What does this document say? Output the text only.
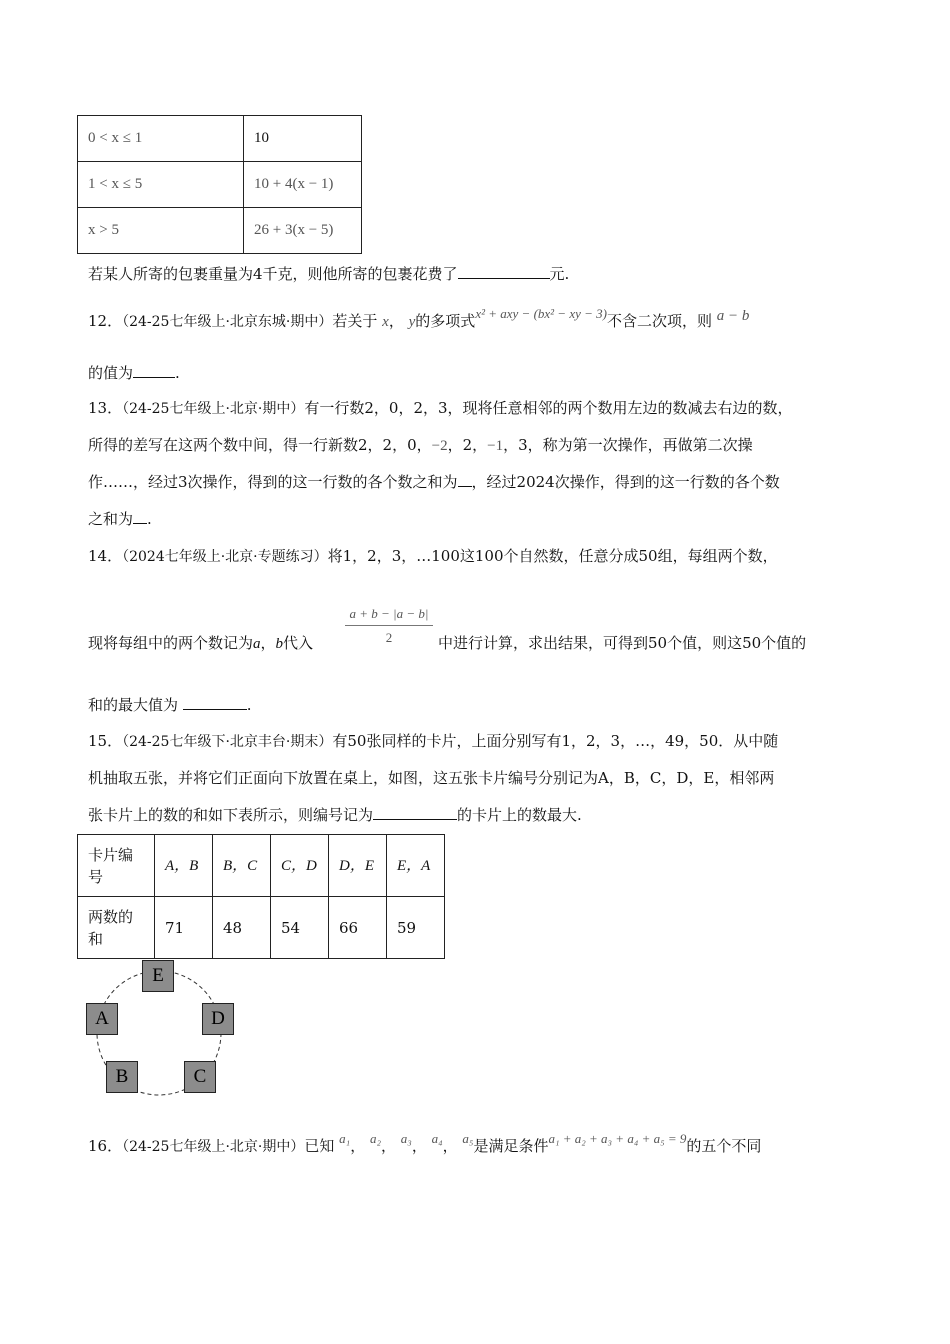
0 < x ≤ 1	10
1 < x ≤ 5	10 + 4(x − 1)
x > 5	26 + 3(x − 5)
若某人所寄的包裹重量为4千克，则他所寄的包裹花费了	元.
12．（24-25七年级上·北京东城·期中）若关于 x， y的多项式x² + axy − (bx² − xy − 3)不含二次项，则 a − b
的值为	.
13．（24-25七年级上·北京·期中）有一行数2，0，2，3，现将任意相邻的两个数用左边的数减去右边的数，
所得的差写在这两个数中间，得一行新数2，2，0，−2，2，−1，3，称为第一次操作，再做第二次操
作……，经过3次操作，得到的这一行数的各个数之和为 ，经过2024次操作，得到的这一行数的各个数
之和为 .
14．（2024七年级上·北京·专题练习）将1，2，3，…100这100个自然数，任意分成50组，每组两个数，
现将每组中的两个数记为a，b代入 $\frac{a + b - |a - b|}{2}$ 中进行计算，求出结果，可得到50个值，则这50个值的
和的最大值为	.
15．（24-25七年级下·北京丰台·期末）有50张同样的卡片，上面分别写有1，2，3，…，49，50．从中随
机抽取五张，并将它们正面向下放置在桌上，如图，这五张卡片编号分别记为A，B，C，D，E，相邻两
张卡片上的数的和如下表所示，则编号记为	的卡片上的数最大.
卡片编号	A，B	B，C	C，D	D，E	E，A
两数的和	71	48	54	66	59
E
A	D
B	C
16．（24-25七年级上·北京·期中）已知 a₁， a₂， a₃， a₄， a₅是满足条件a₁ + a₂ + a₃ + a₄ + a₅ = 9的五个不同
